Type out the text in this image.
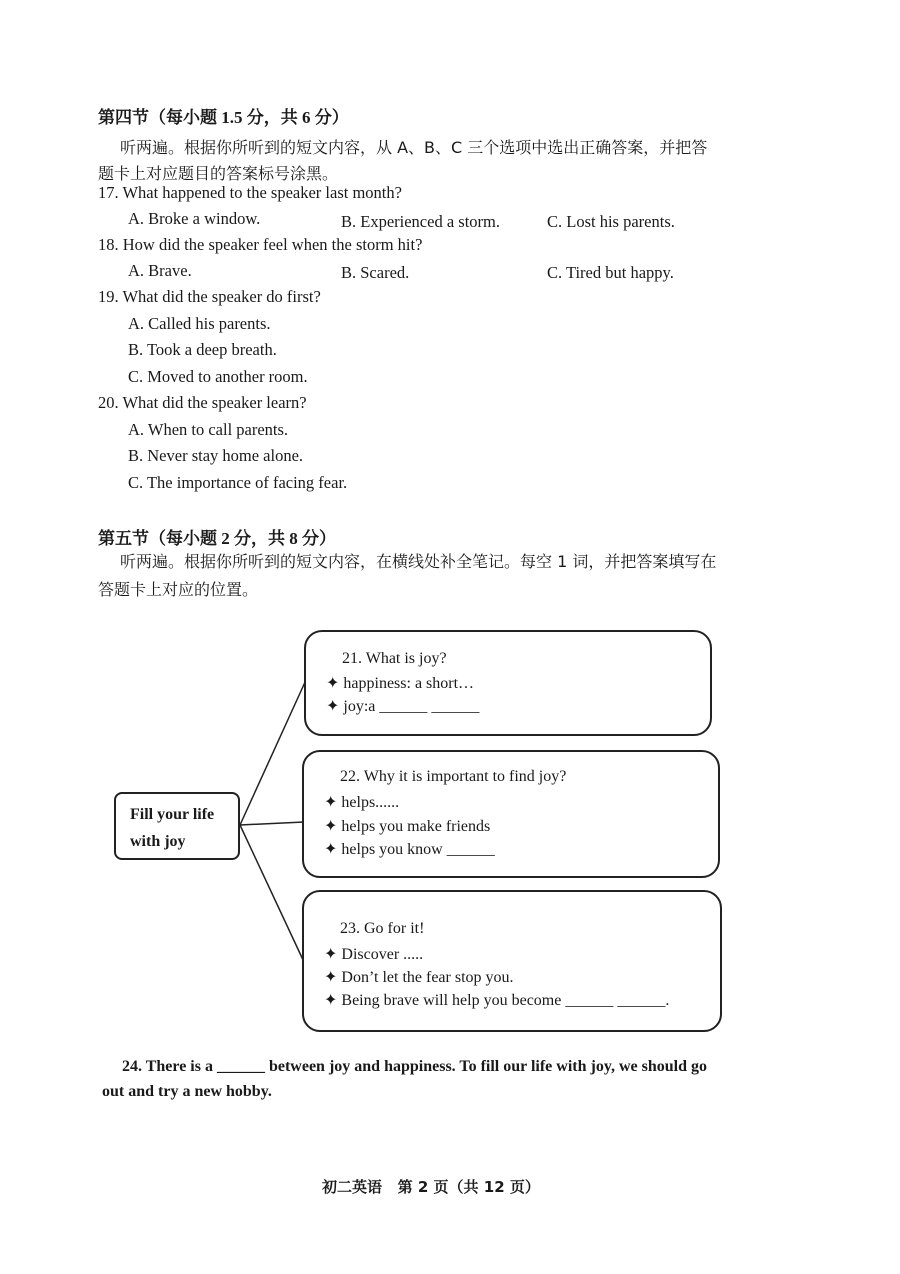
第四节（每小题 1.5 分，共 6 分）
听两遍。根据你所听到的短文内容，从 A、B、C 三个选项中选出正确答案，并把答
题卡上对应题目的答案标号涂黑。
17. What happened to the speaker last month?
A. Broke a window.	B. Experienced a storm.	C. Lost his parents.
18. How did the speaker feel when the storm hit?
A. Brave.	B. Scared.	C. Tired but happy.
19. What did the speaker do first?
A. Called his parents.
B. Took a deep breath.
C. Moved to another room.
20. What did the speaker learn?
A. When to call parents.
B. Never stay home alone.
C. The importance of facing fear.
第五节（每小题 2 分，共 8 分）
听两遍。根据你所听到的短文内容，在横线处补全笔记。每空 1 词，并把答案填写在
答题卡上对应的位置。
Fill your life
with joy
21. What is joy?
✦ happiness: a short…
✦ joy:a ______ ______
22. Why it is important to find joy?
✦ helps......
✦ helps you make friends
✦ helps you know ______
23. Go for it!
✦ Discover .....
✦ Don’t let the fear stop you.
✦ Being brave will help you become ______ ______.
24. There is a ______ between joy and happiness. To fill our life with joy, we should go
out and try a new hobby.
初二英语   第 2 页（共 12 页）
